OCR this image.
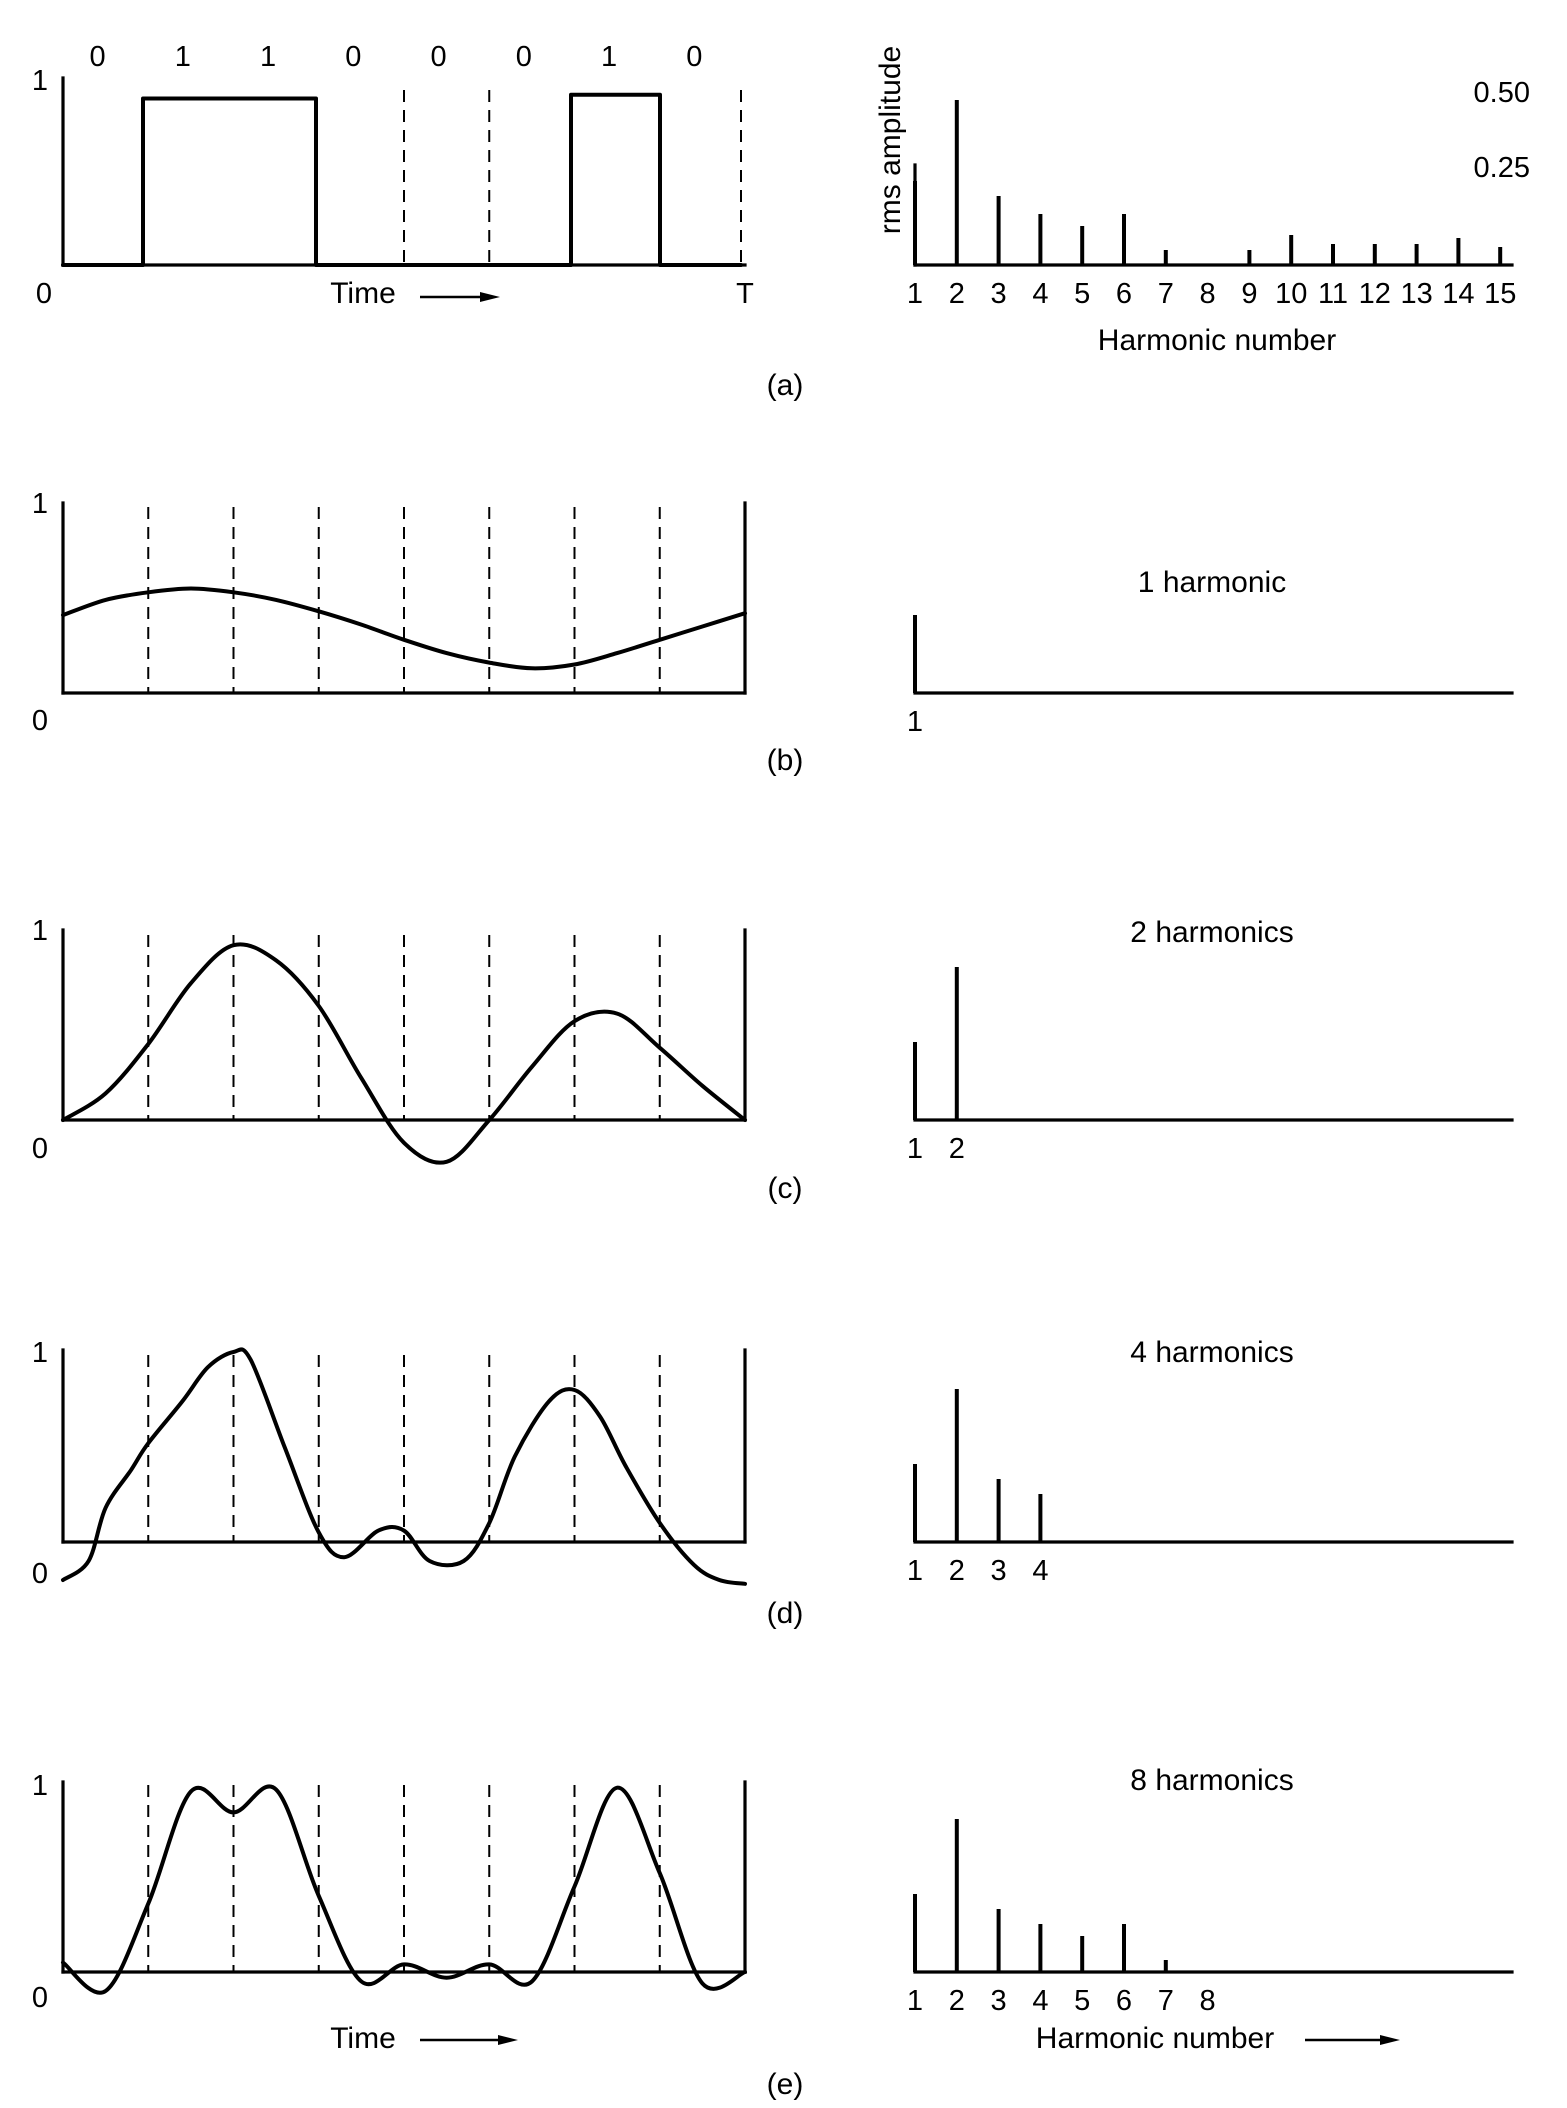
0 1 1 0 0 0 1 0
1
0	Time	T	1 2 3 4 5 6 7 8 9 10 11 12 13 14 15
rms amplitude	0.50
0.25
Harmonic number
(a)
1
0	1
1 harmonic
(b)
1
0	1 2
2 harmonics
(c)
1
0	1 2 3 4
4 harmonics
(d)
1
0
Time
1 2 3 4 5 6 7 8
8 harmonics
Harmonic number
(e)
